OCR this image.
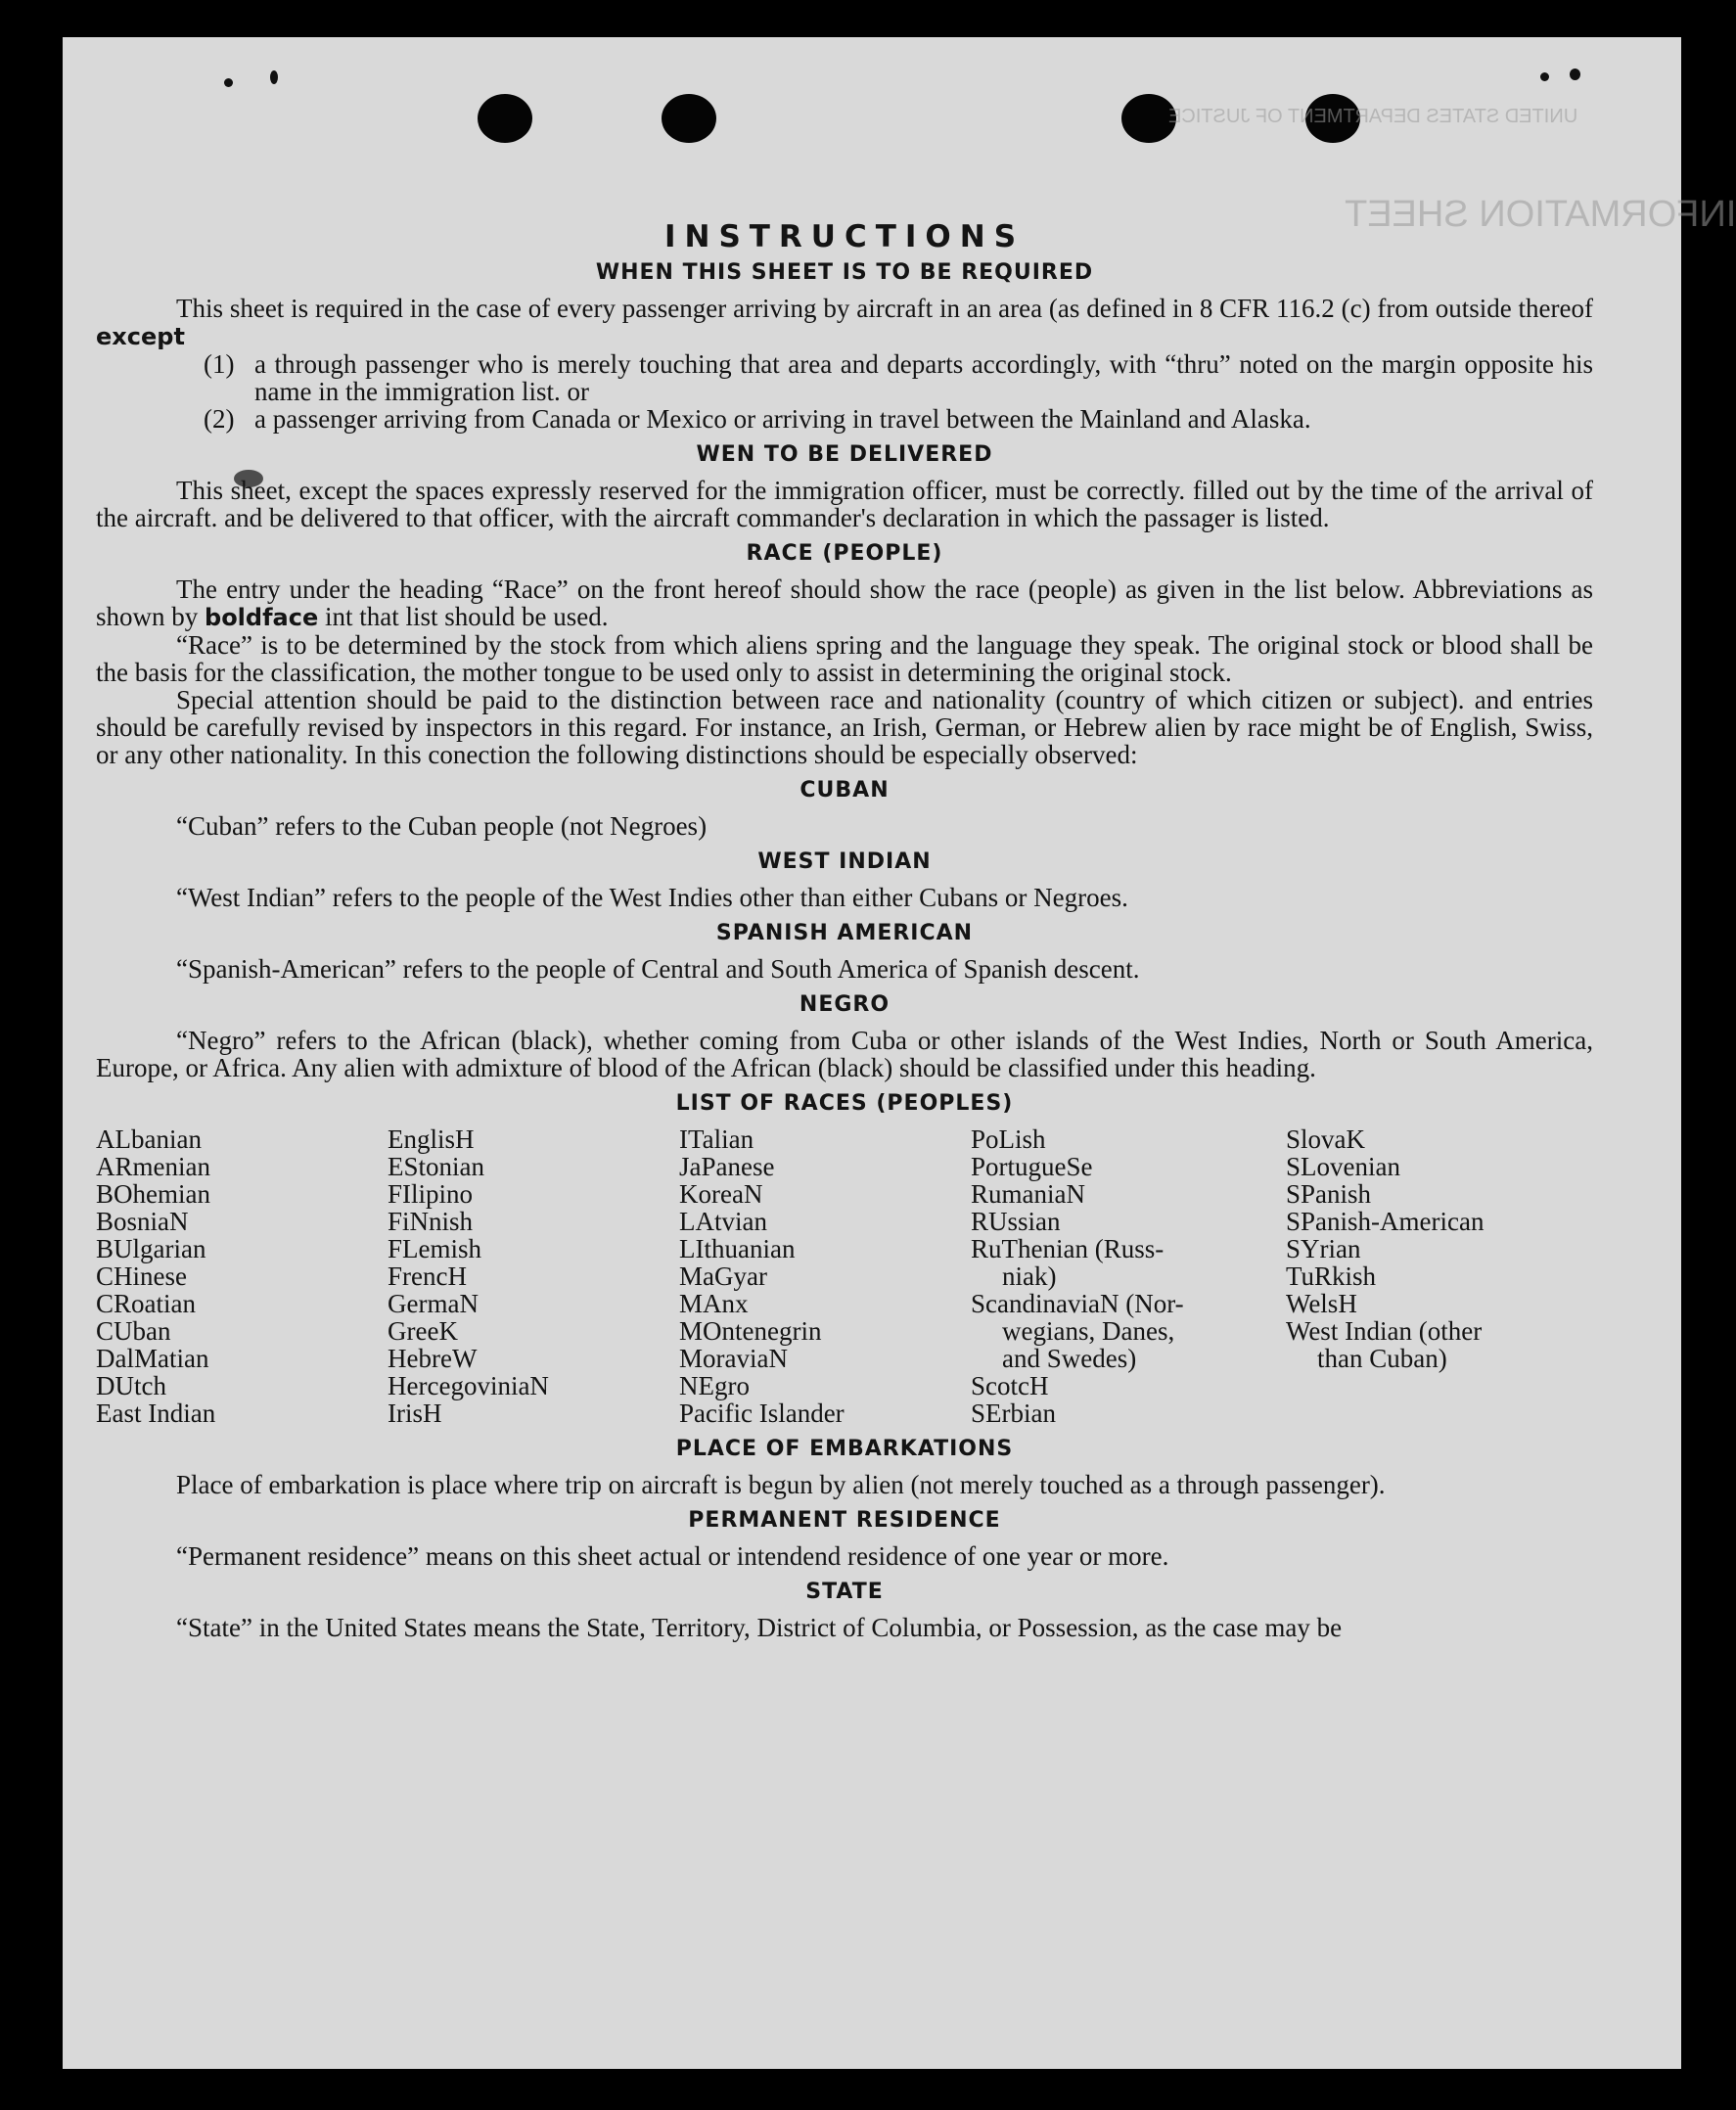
UNITED STATES DEPARTMENT OF JUSTICE
INFORMATION SHEET
INSTRUCTIONS
WHEN THIS SHEET IS TO BE REQUIRED

This sheet is required in the case of every passenger arriving by aircraft in an area (as defined in 8 CFR 116.2 (c) from outside thereof except

(1) a through passenger who is merely touching that area and departs accordingly, with “thru” noted on the margin opposite his name in the immigration list. or
(2) a passenger arriving from Canada or Mexico or arriving in travel between the Mainland and Alaska.
WEN TO BE DELIVERED

This sheet, except the spaces expressly reserved for the immigration officer, must be correctly. filled out by the time of the arrival of the aircraft. and be delivered to that officer, with the aircraft commander's declaration in which the passager is listed.

RACE (PEOPLE)

The entry under the heading “Race” on the front hereof should show the race (people) as given in the list below. Abbreviations as shown by boldface int that list should be used.

“Race” is to be determined by the stock from which aliens spring and the language they speak. The original stock or blood shall be the basis for the classification, the mother tongue to be used only to assist in determining the original stock.

Special attention should be paid to the distinction between race and nationality (country of which citizen or subject). and entries should be carefully revised by inspectors in this regard. For instance, an Irish, German, or Hebrew alien by race might be of English, Swiss, or any other nationality. In this conection the following distinctions should be especially observed:

CUBAN

“Cuban” refers to the Cuban people (not Negroes)

WEST INDIAN

“West Indian” refers to the people of the West Indies other than either Cubans or Negroes.

SPANISH AMERICAN

“Spanish-American” refers to the people of Central and South America of Spanish descent.

NEGRO

“Negro” refers to the African (black), whether coming from Cuba or other islands of the West Indies, North or South America, Europe, or Africa. Any alien with admixture of blood of the African (black) should be classified under this heading.

LIST OF RACES (PEOPLES)
ALbanian
ARmenian
BOhemian
BosniaN
BUlgarian
CHinese
CRoatian
CUban
DalMatian
DUtch
East Indian
EnglisH
EStonian
FIlipino
FiNnish
FLemish
FrencH
GermaN
GreeK
HebreW
HercegoviniaN
IrisH
ITalian
JaPanese
KoreaN
LAtvian
LIthuanian
MaGyar
MAnx
MOntenegrin
MoraviaN
NEgro
Pacific Islander
PoLish
PortugueSe
RumaniaN
RUssian
RuThenian (Russ-
niak)
ScandinaviaN (Nor-
wegians, Danes,
and Swedes)
ScotcH
SErbian
SlovaK
SLovenian
SPanish
SPanish-American
SYrian
TuRkish
WelsH
West Indian (other
than Cuban)
PLACE OF EMBARKATIONS

Place of embarkation is place where trip on aircraft is begun by alien (not merely touched as a through passenger).

PERMANENT RESIDENCE

“Permanent residence” means on this sheet actual or intendend residence of one year or more.

STATE

“State” in the United States means the State, Territory, District of Columbia, or Possession, as the case may be
